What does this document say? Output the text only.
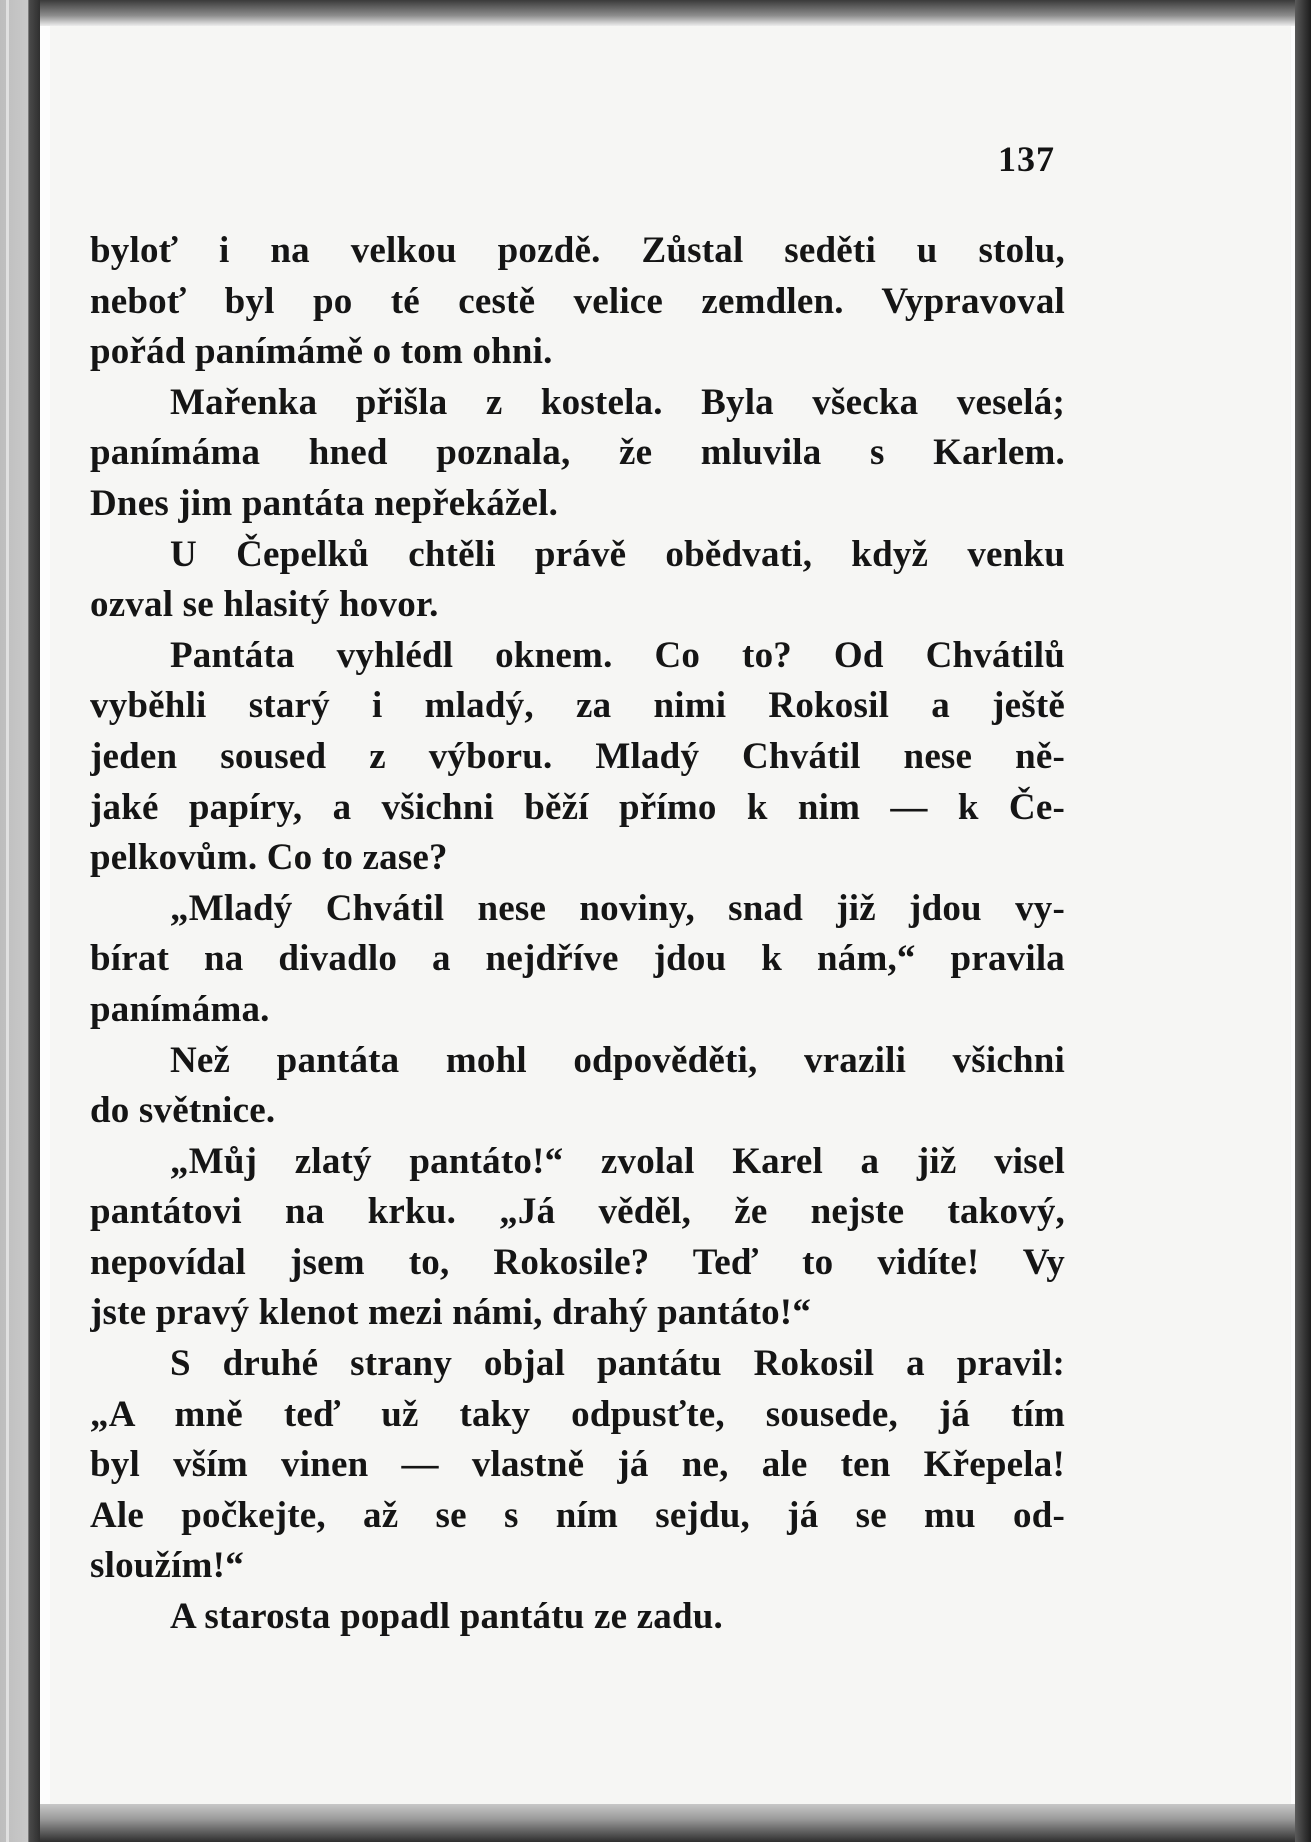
137
byloť i na velkou pozdě. Zůstal seděti u stolu,
neboť byl po té cestě velice zemdlen. Vypravoval
pořád panímámě o tom ohni.
Mařenka přišla z kostela. Byla všecka veselá;
panímáma hned poznala, že mluvila s Karlem.
Dnes jim pantáta nepřekážel.
U Čepelků chtěli právě obědvati, když venku
ozval se hlasitý hovor.
Pantáta vyhlédl oknem. Co to? Od Chvátilů
vyběhli starý i mladý, za nimi Rokosil a ještě
jeden soused z výboru. Mladý Chvátil nese ně-
jaké papíry, a všichni běží přímo k nim — k Če-
pelkovům. Co to zase?
„Mladý Chvátil nese noviny, snad již jdou vy-
bírat na divadlo a nejdříve jdou k nám,“ pravila
panímáma.
Než pantáta mohl odpověděti, vrazili všichni
do světnice.
„Můj zlatý pantáto!“ zvolal Karel a již visel
pantátovi na krku. „Já věděl, že nejste takový,
nepovídal jsem to, Rokosile? Teď to vidíte! Vy
jste pravý klenot mezi námi, drahý pantáto!“
S druhé strany objal pantátu Rokosil a pravil:
„A mně teď už taky odpusťte, sousede, já tím
byl vším vinen — vlastně já ne, ale ten Křepela!
Ale počkejte, až se s ním sejdu, já se mu od-
sloužím!“
A starosta popadl pantátu ze zadu.
